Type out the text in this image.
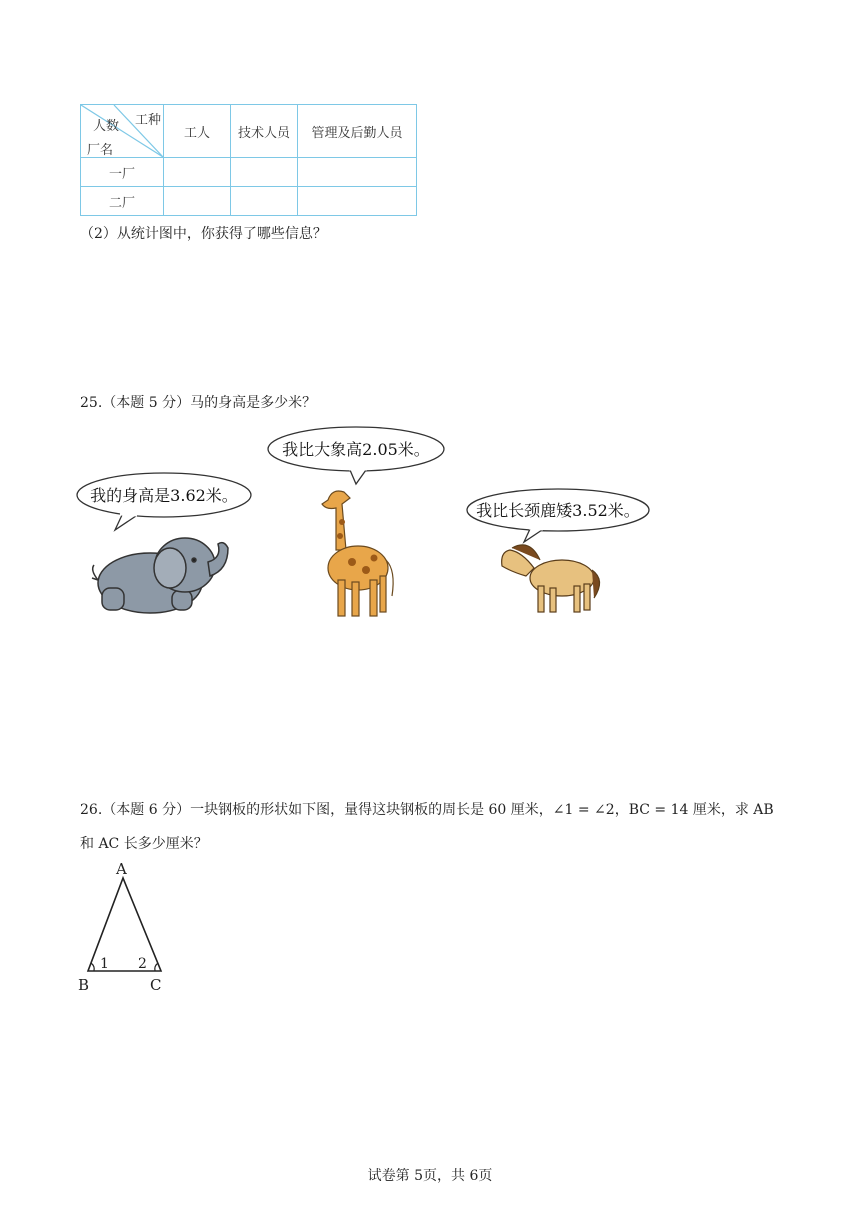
工种
人数
厂名	工人	技术人员	管理及后勤人员
一厂			
二厂			
（2）从统计图中，你获得了哪些信息？
25.（本题 5 分）马的身高是多少米？
我的身高是3.62米。
我比大象高2.05米。
我比长颈鹿矮3.52米。
26.（本题 6 分）一块钢板的形状如下图，量得这块钢板的周长是 60 厘米，∠1 = ∠2，BC = 14 厘米，求 AB
和 AC 长多少厘米？
A
B	C
1 2
试卷第 5页，共 6页
